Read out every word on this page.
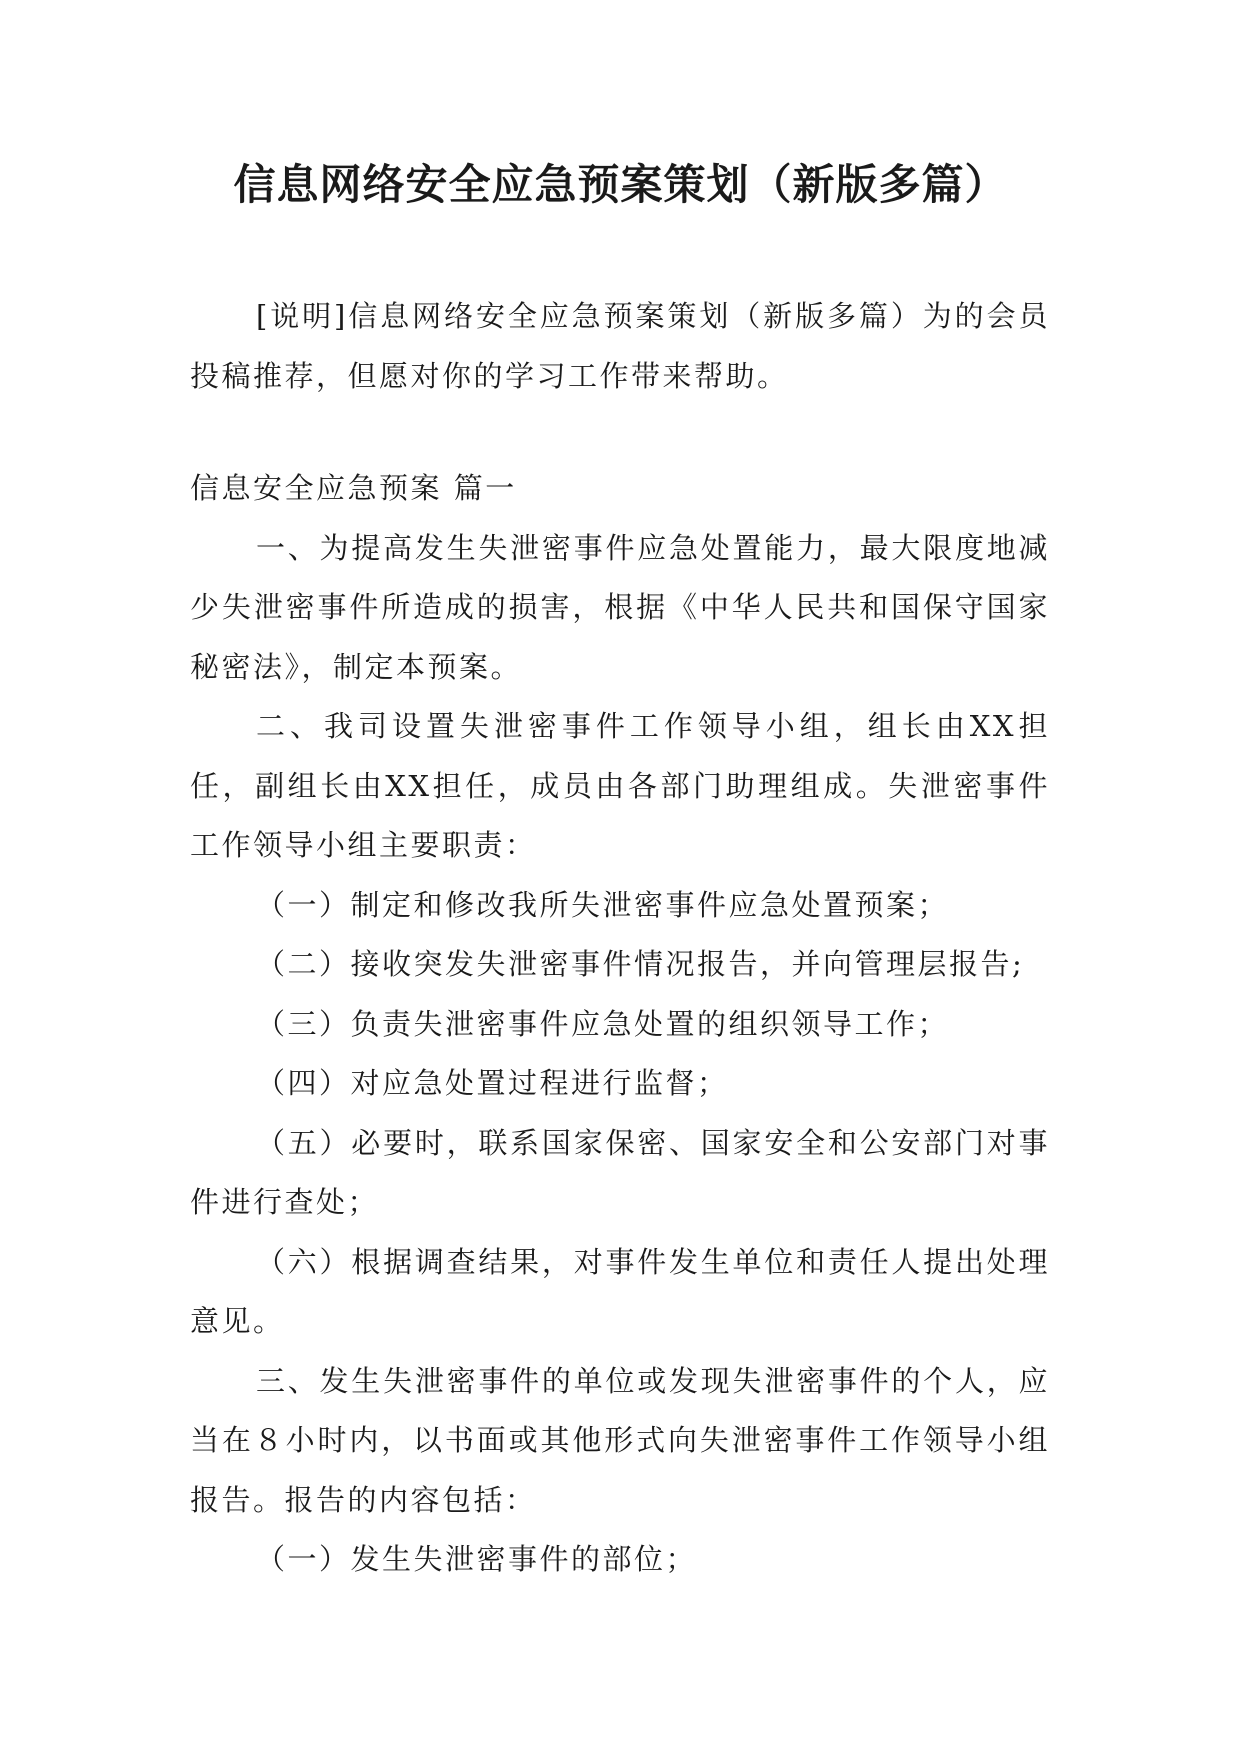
信息网络安全应急预案策划（新版多篇）

[说明]信息网络安全应急预案策划（新版多篇）为的会员投稿推荐，但愿对你的学习工作带来帮助。

信息安全应急预案 篇一

一、为提高发生失泄密事件应急处置能力，最大限度地减少失泄密事件所造成的损害，根据《中华人民共和国保守国家秘密法》，制定本预案。

二、我司设置失泄密事件工作领导小组，组长由XX担任，副组长由XX担任，成员由各部门助理组成。失泄密事件工作领导小组主要职责：

（一）制定和修改我所失泄密事件应急处置预案；

（二）接收突发失泄密事件情况报告，并向管理层报告;

（三）负责失泄密事件应急处置的组织领导工作；

（四）对应急处置过程进行监督；

（五）必要时，联系国家保密、国家安全和公安部门对事件进行查处；

（六）根据调查结果，对事件发生单位和责任人提出处理意见。

三、发生失泄密事件的单位或发现失泄密事件的个人，应当在８小时内，以书面或其他形式向失泄密事件工作领导小组报告。报告的内容包括：

（一）发生失泄密事件的部位；
